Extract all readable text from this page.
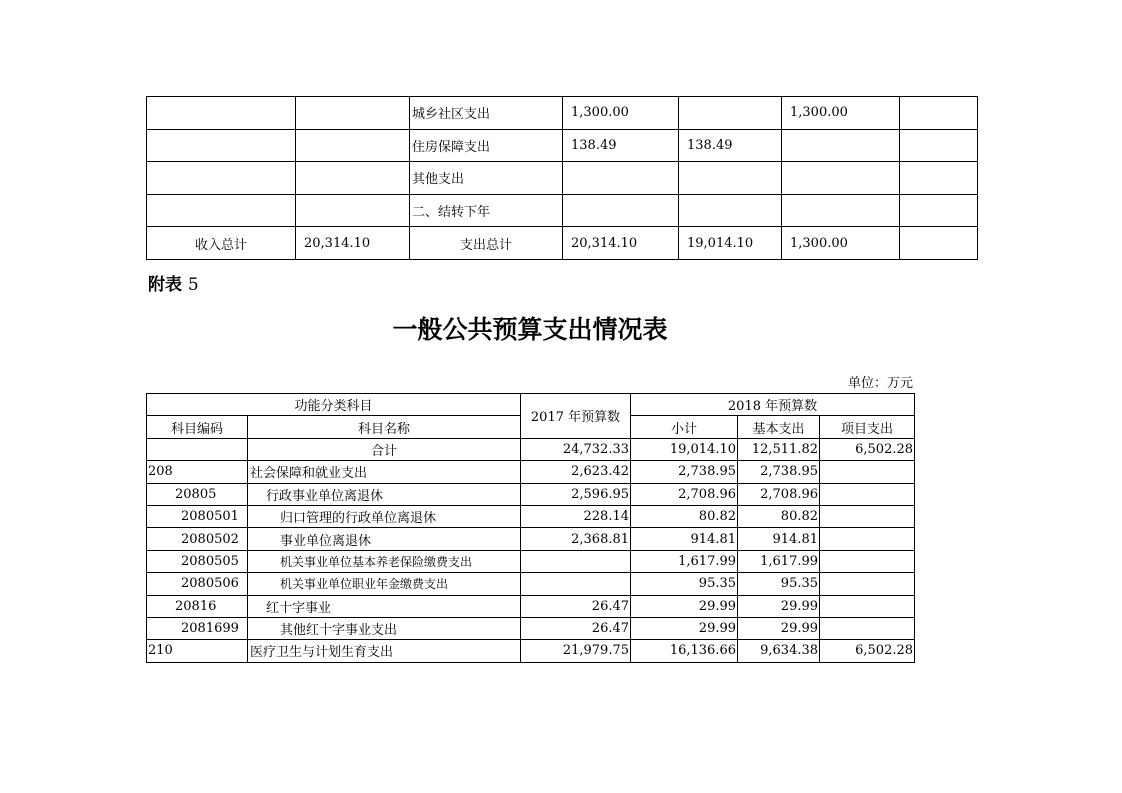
		城乡社区支出	1,300.00		1,300.00	
		住房保障支出	138.49	138.49		
		其他支出				
		二、结转下年				
收入总计	20,314.10	支出总计	20,314.10	19,014.10	1,300.00	
附表 5
一般公共预算支出情况表
单位：万元
功能分类科目		2017 年预算数	2018 年预算数		
科目编码	科目名称		小计	基本支出	项目支出
	合计	24,732.33	19,014.10	12,511.82	6,502.28
208	社会保障和就业支出	2,623.42	2,738.95	2,738.95	
20805	行政事业单位离退休	2,596.95	2,708.96	2,708.96	
2080501	归口管理的行政单位离退休	228.14	80.82	80.82	
2080502	事业单位离退休	2,368.81	914.81	914.81	
2080505	机关事业单位基本养老保险缴费支出		1,617.99	1,617.99	
2080506	机关事业单位职业年金缴费支出		95.35	95.35	
20816	红十字事业	26.47	29.99	29.99	
2081699	其他红十字事业支出	26.47	29.99	29.99	
210	医疗卫生与计划生育支出	21,979.75	16,136.66	9,634.38	6,502.28
